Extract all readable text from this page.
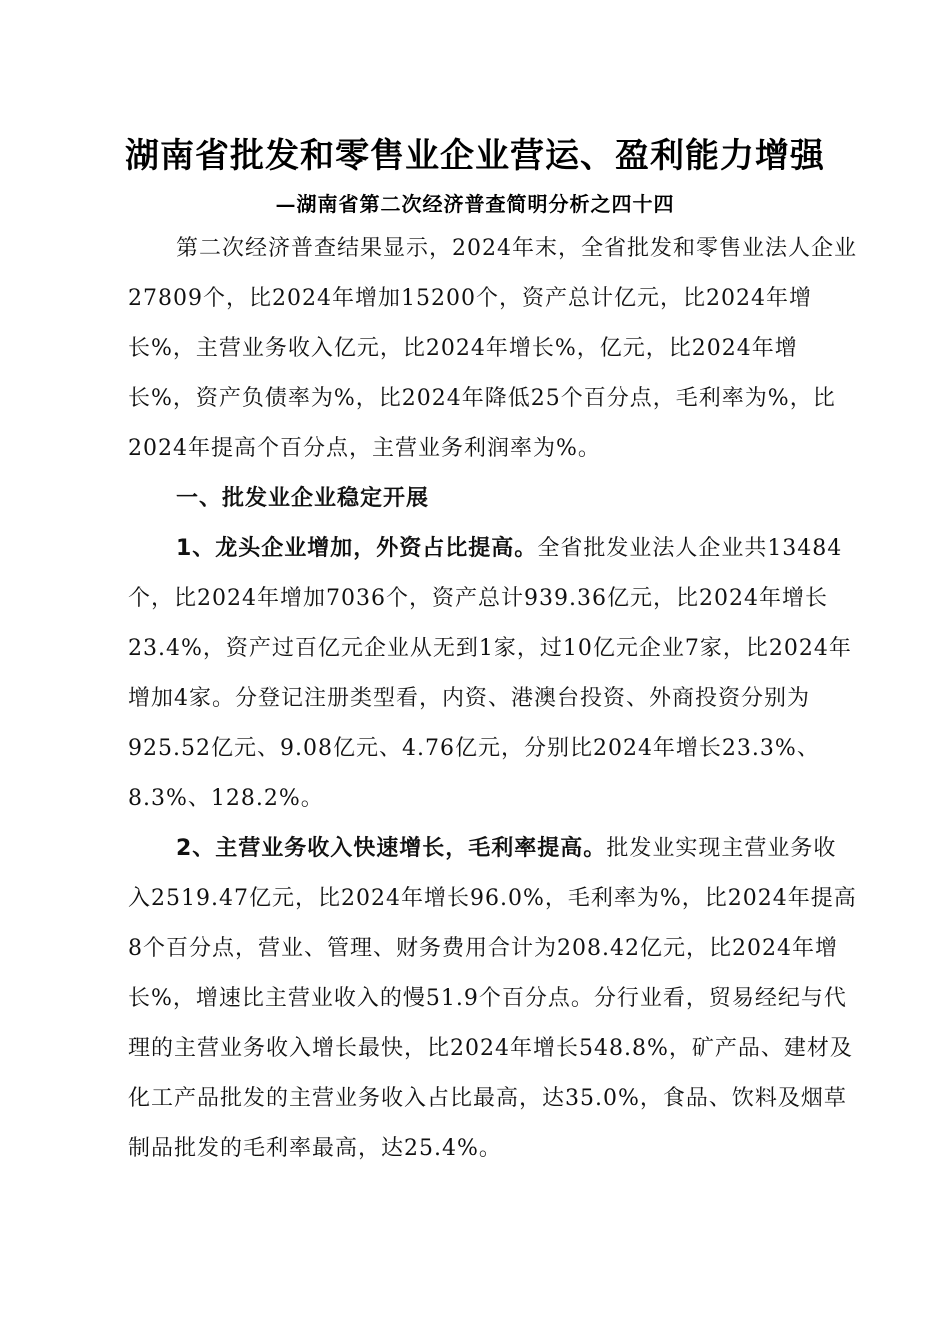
湖南省批发和零售业企业营运、盈利能力增强
—湖南省第二次经济普查简明分析之四十四

第二次经济普查结果显示，2024年末，全省批发和零售业法人企业27809个，比2024年增加15200个，资产总计亿元，比2024年增长%，主营业务收入亿元，比2024年增长%，亿元，比2024年增长%，资产负债率为%，比2024年降低25个百分点，毛利率为%，比2024年提高个百分点，主营业务利润率为%。

一、批发业企业稳定开展

1、龙头企业增加，外资占比提高。全省批发业法人企业共13484个，比2024年增加7036个，资产总计939.36亿元，比2024年增长23.4%，资产过百亿元企业从无到1家，过10亿元企业7家，比2024年增加4家。分登记注册类型看，内资、港澳台投资、外商投资分别为925.52亿元、9.08亿元、4.76亿元，分别比2024年增长23.3%、8.3%、128.2%。

2、主营业务收入快速增长，毛利率提高。批发业实现主营业务收入2519.47亿元，比2024年增长96.0%，毛利率为%，比2024年提高8个百分点，营业、管理、财务费用合计为208.42亿元，比2024年增长%，增速比主营业收入的慢51.9个百分点。分行业看，贸易经纪与代理的主营业务收入增长最快，比2024年增长548.8%，矿产品、建材及化工产品批发的主营业务收入占比最高，达35.0%，食品、饮料及烟草制品批发的毛利率最高，达25.4%。
